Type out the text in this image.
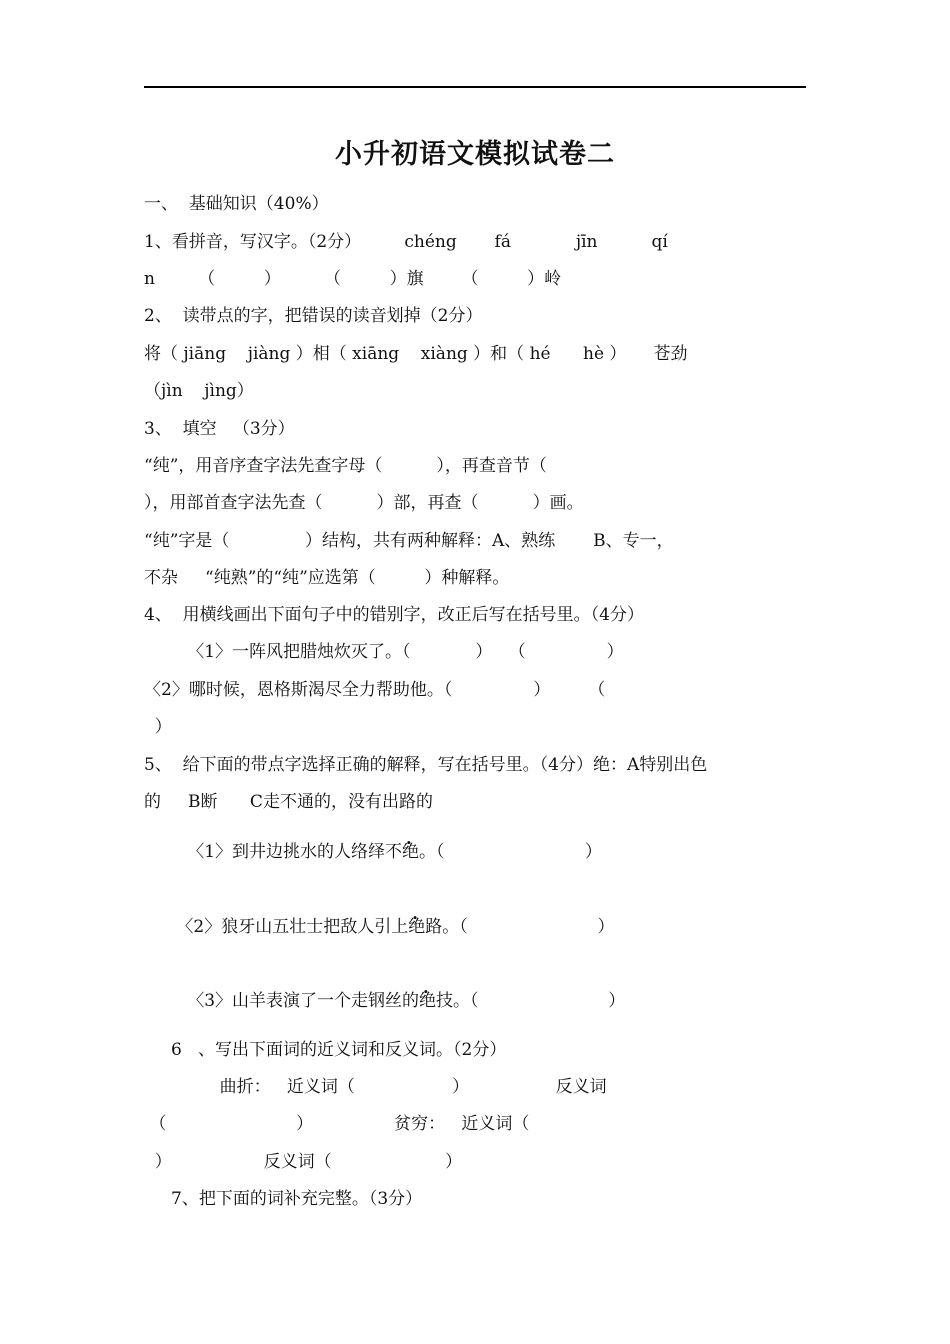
小升初语文模拟试卷二
一、  基础知识（40%）
1、看拼音，写汉字。（2分）        chéng       fá            jīn          qí
n        （         ）        （         ）旗       （         ）岭
2、  读带点的字，把错误的读音划掉（2分）
将（ jiāng    jiàng ）相（ xiāng    xiàng ）和（ hé      hè ）     苍劲
（jìn    jìng）
3、  填空   （3分）
“纯”，用音序查字法先查字母（          ），再查音节（
），用部首查字法先查（          ）部，再查（          ）画。
“纯”字是（              ）结构，共有两种解释：A、熟练       B、专一，
不杂     “纯熟”的“纯”应选第（         ）种解释。
4、  用横线画出下面句子中的错别字，改正后写在括号里。（4分）
〈1〉一阵风把腊烛炊灭了。（            ）   （               ）
〈2〉哪时候，恩格斯渴尽全力帮助他。（               ）       （
）
5、  给下面的带点字选择正确的解释，写在括号里。（4分）绝：A特别出色
的     B断      C走不通的，没有出路的
〈1〉到井边挑水的人络绎不绝。（                          ）
〈2〉狼牙山五壮士把敌人引上绝路。（                        ）
〈3〉山羊表演了一个走钢丝的绝技。（                        ）
6   、写出下面词的近义词和反义词。（2分）
曲折：   近义词（                  ）                反义词
（                        ）               贫穷：   近义词（
）                 反义词（                     ）
7、把下面的词补充完整。（3分）
